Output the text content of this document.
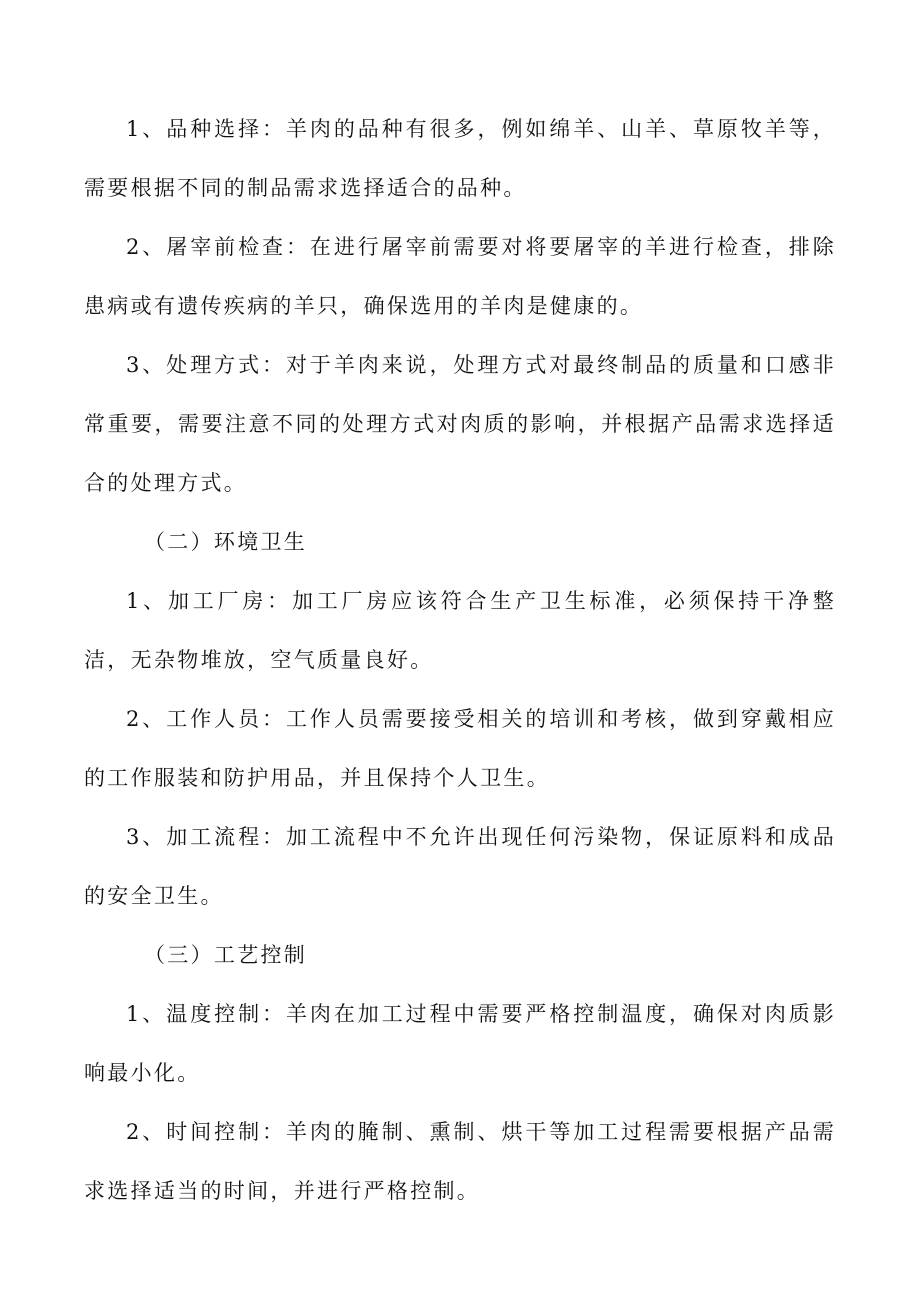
1、品种选择：羊肉的品种有很多，例如绵羊、山羊、草原牧羊等，需要根据不同的制品需求选择适合的品种。

2、屠宰前检查：在进行屠宰前需要对将要屠宰的羊进行检查，排除患病或有遗传疾病的羊只，确保选用的羊肉是健康的。

3、处理方式：对于羊肉来说，处理方式对最终制品的质量和口感非常重要，需要注意不同的处理方式对肉质的影响，并根据产品需求选择适合的处理方式。

（二）环境卫生

1、加工厂房：加工厂房应该符合生产卫生标准，必须保持干净整洁，无杂物堆放，空气质量良好。

2、工作人员：工作人员需要接受相关的培训和考核，做到穿戴相应的工作服装和防护用品，并且保持个人卫生。

3、加工流程：加工流程中不允许出现任何污染物，保证原料和成品的安全卫生。

（三）工艺控制

1、温度控制：羊肉在加工过程中需要严格控制温度，确保对肉质影响最小化。

2、时间控制：羊肉的腌制、熏制、烘干等加工过程需要根据产品需求选择适当的时间，并进行严格控制。
